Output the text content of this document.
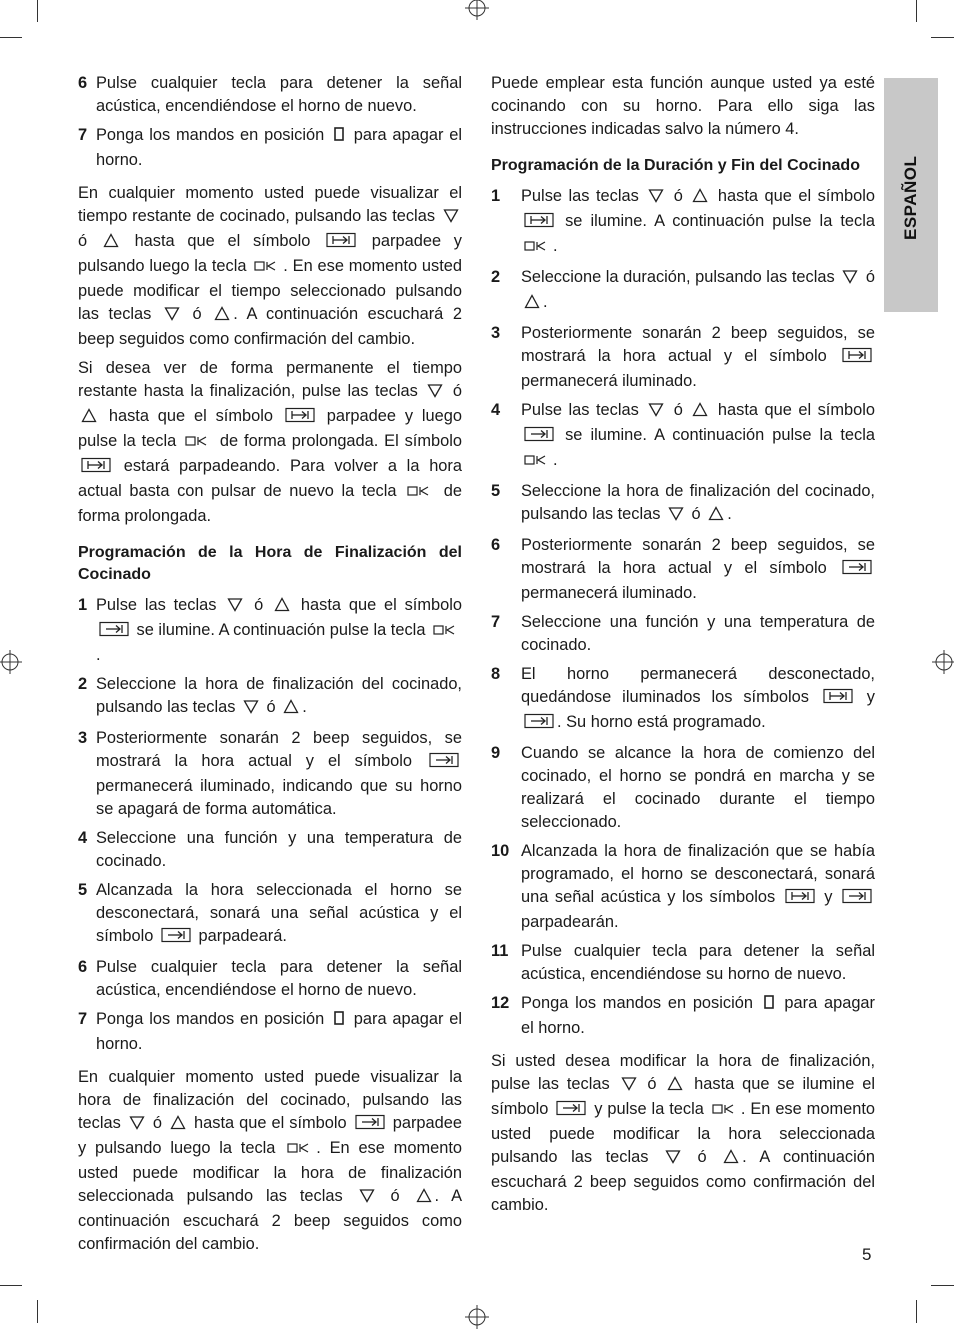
ESPAÑOL
6 Pulse cualquier tecla para detener la señal acústica, encendiéndose el horno de nuevo.
7 Ponga los mandos en posición  para apagar el horno.

En cualquier momento usted puede visualizar el tiempo restante de cocinado, pulsando las teclas  ó  hasta que el símbolo  parpadee y pulsando luego la tecla . En ese momento usted puede modificar el tiempo seleccionado pulsando las teclas  ó . A continuación escuchará 2 beep seguidos como confirmación del cambio.

Si desea ver de forma permanente el tiempo restante hasta la finalización, pulse las teclas  ó  hasta que el símbolo  parpadee y luego pulse la tecla  de forma prolongada. El símbolo  estará parpadeando. Para volver a la hora actual basta con pulsar de nuevo la tecla  de forma prolongada.

Programación de la Hora de Finalización del Cocinado
1 Pulse las teclas  ó  hasta que el símbolo  se ilumine. A continuación pulse la tecla .
2 Seleccione la hora de finalización del cocinado, pulsando las teclas  ó .
3 Posteriormente sonarán 2 beep seguidos, se mostrará la hora actual y el símbolo  permanecerá iluminado, indicando que su horno se apagará de forma automática.
4 Seleccione una función y una temperatura de cocinado.
5 Alcanzada la hora seleccionada el horno se desconectará, sonará una señal acústica y el símbolo  parpadeará.
6 Pulse cualquier tecla para detener la señal acústica, encendiéndose el horno de nuevo.
7 Ponga los mandos en posición  para apagar el horno.

En cualquier momento usted puede visualizar la hora de finalización del cocinado, pulsando las teclas  ó  hasta que el símbolo  parpadee y pulsando luego la tecla . En ese momento usted puede modificar la hora de finalización seleccionada pulsando las teclas  ó . A continuación escuchará 2 beep seguidos como confirmación del cambio.

Puede emplear esta función aunque usted ya esté cocinando con su horno. Para ello siga las instrucciones indicadas salvo la número 4.

Programación de la Duración y Fin del Cocinado
1 Pulse las teclas  ó  hasta que el símbolo  se ilumine. A continuación pulse la tecla .
2 Seleccione la duración, pulsando las teclas  ó .
3 Posteriormente sonarán 2 beep seguidos, se mostrará la hora actual y el símbolo  permanecerá iluminado.
4 Pulse las teclas  ó  hasta que el símbolo  se ilumine. A continuación pulse la tecla .
5 Seleccione la hora de finalización del cocinado, pulsando las teclas  ó .
6 Posteriormente sonarán 2 beep seguidos, se mostrará la hora actual y el símbolo  permanecerá iluminado.
7 Seleccione una función y una temperatura de cocinado.
8 El horno permanecerá desconectado, quedándose iluminados los símbolos  y . Su horno está programado.
9 Cuando se alcance la hora de comienzo del cocinado, el horno se pondrá en marcha y se realizará el cocinado durante el tiempo seleccionado.
10 Alcanzada la hora de finalización que se había programado, el horno se desconectará, sonará una señal acústica y los símbolos  y  parpadearán.
11 Pulse cualquier tecla para detener la señal acústica, encendiéndose su horno de nuevo.
12 Ponga los mandos en posición  para apagar el horno.

Si usted desea modificar la hora de finalización, pulse las teclas  ó  hasta que se ilumine el símbolo  y pulse la tecla . En ese momento usted puede modificar la hora seleccionada pulsando las teclas  ó . A continuación escuchará 2 beep seguidos como confirmación del cambio.

5
